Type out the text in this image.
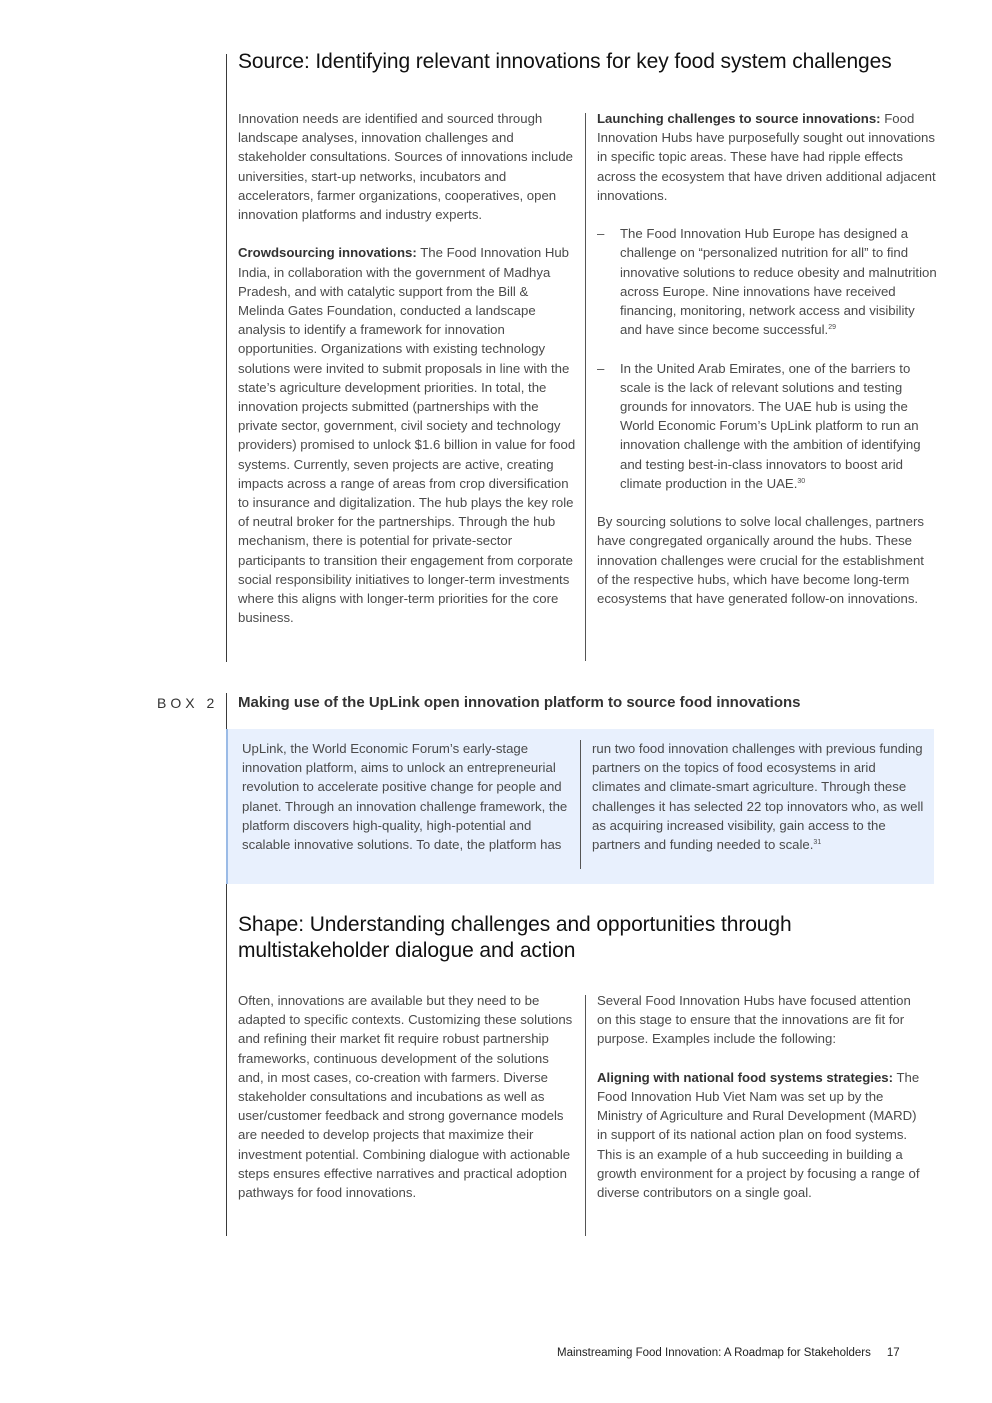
Source: Identifying relevant innovations for key food system challenges

Innovation needs are identified and sourced through landscape analyses, innovation challenges and stakeholder consultations. Sources of innovations include universities, start-up networks, incubators and accelerators, farmer organizations, cooperatives, open innovation platforms and industry experts.

Crowdsourcing innovations: The Food Innovation Hub India, in collaboration with the government of Madhya Pradesh, and with catalytic support from the Bill & Melinda Gates Foundation, conducted a landscape analysis to identify a framework for innovation opportunities. Organizations with existing technology solutions were invited to submit proposals in line with the state’s agriculture development priorities. In total, the innovation projects submitted (partnerships with the private sector, government, civil society and technology providers) promised to unlock $1.6 billion in value for food systems. Currently, seven projects are active, creating impacts across a range of areas from crop diversification to insurance and digitalization. The hub plays the key role of neutral broker for the partnerships. Through the hub mechanism, there is potential for private-sector participants to transition their engagement from corporate social responsibility initiatives to longer-term investments where this aligns with longer-term priorities for the core business.

Launching challenges to source innovations: Food Innovation Hubs have purposefully sought out innovations in specific topic areas. These have had ripple effects across the ecosystem that have driven additional adjacent innovations.

– The Food Innovation Hub Europe has designed a challenge on “personalized nutrition for all” to find innovative solutions to reduce obesity and malnutrition across Europe. Nine innovations have received financing, monitoring, network access and visibility and have since become successful.$^{29}$
– In the United Arab Emirates, one of the barriers to scale is the lack of relevant solutions and testing grounds for innovators. The UAE hub is using the World Economic Forum’s UpLink platform to run an innovation challenge with the ambition of identifying and testing best-in-class innovators to boost arid climate production in the UAE.$^{30}$

By sourcing solutions to solve local challenges, partners have congregated organically around the hubs. These innovation challenges were crucial for the establishment of the respective hubs, which have become long-term ecosystems that have generated follow-on innovations.

BOX 2 Making use of the UpLink open innovation platform to source food innovations
UpLink, the World Economic Forum’s early-stage innovation platform, aims to unlock an entrepreneurial revolution to accelerate positive change for people and planet. Through an innovation challenge framework, the platform discovers high-quality, high-potential and scalable innovative solutions. To date, the platform has
run two food innovation challenges with previous funding partners on the topics of food ecosystems in arid climates and climate-smart agriculture. Through these challenges it has selected 22 top innovators who, as well as acquiring increased visibility, gain access to the partners and funding needed to scale.$^{31}$
Shape: Understanding challenges and opportunities through
multistakeholder dialogue and action

Often, innovations are available but they need to be adapted to specific contexts. Customizing these solutions and refining their market fit require robust partnership frameworks, continuous development of the solutions and, in most cases, co-creation with farmers. Diverse stakeholder consultations and incubations as well as user/customer feedback and strong governance models are needed to develop projects that maximize their investment potential. Combining dialogue with actionable steps ensures effective narratives and practical adoption pathways for food innovations.

Several Food Innovation Hubs have focused attention on this stage to ensure that the innovations are fit for purpose. Examples include the following:

Aligning with national food systems strategies: The Food Innovation Hub Viet Nam was set up by the Ministry of Agriculture and Rural Development (MARD) in support of its national action plan on food systems. This is an example of a hub succeeding in building a growth environment for a project by focusing a range of diverse contributors on a single goal.

Mainstreaming Food Innovation: A Roadmap for Stakeholders 17
